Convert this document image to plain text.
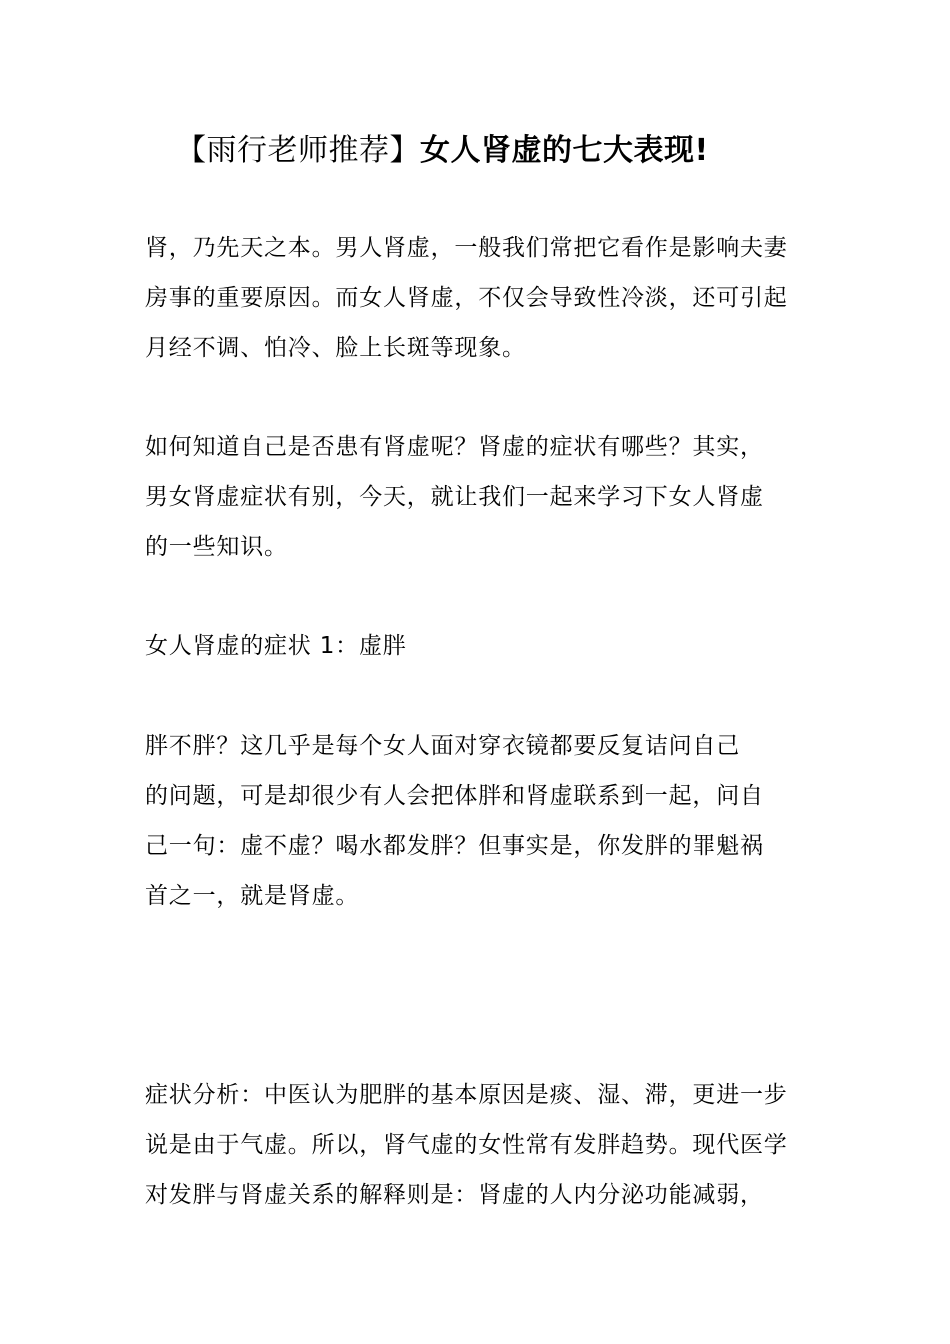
【雨行老师推荐】女人肾虚的七大表现!
肾，乃先天之本。男人肾虚，一般我们常把它看作是影响夫妻
房事的重要原因。而女人肾虚，不仅会导致性冷淡，还可引起
月经不调、怕冷、脸上长斑等现象。
如何知道自己是否患有肾虚呢？肾虚的症状有哪些？其实，
男女肾虚症状有别，今天，就让我们一起来学习下女人肾虚
的一些知识。
女人肾虚的症状 1：虚胖
胖不胖？这几乎是每个女人面对穿衣镜都要反复诘问自己
的问题，可是却很少有人会把体胖和肾虚联系到一起，问自
己一句：虚不虚？喝水都发胖？但事实是，你发胖的罪魁祸
首之一，就是肾虚。
症状分析：中医认为肥胖的基本原因是痰、湿、滞，更进一步
说是由于气虚。所以，肾气虚的女性常有发胖趋势。现代医学
对发胖与肾虚关系的解释则是：肾虚的人内分泌功能减弱，
